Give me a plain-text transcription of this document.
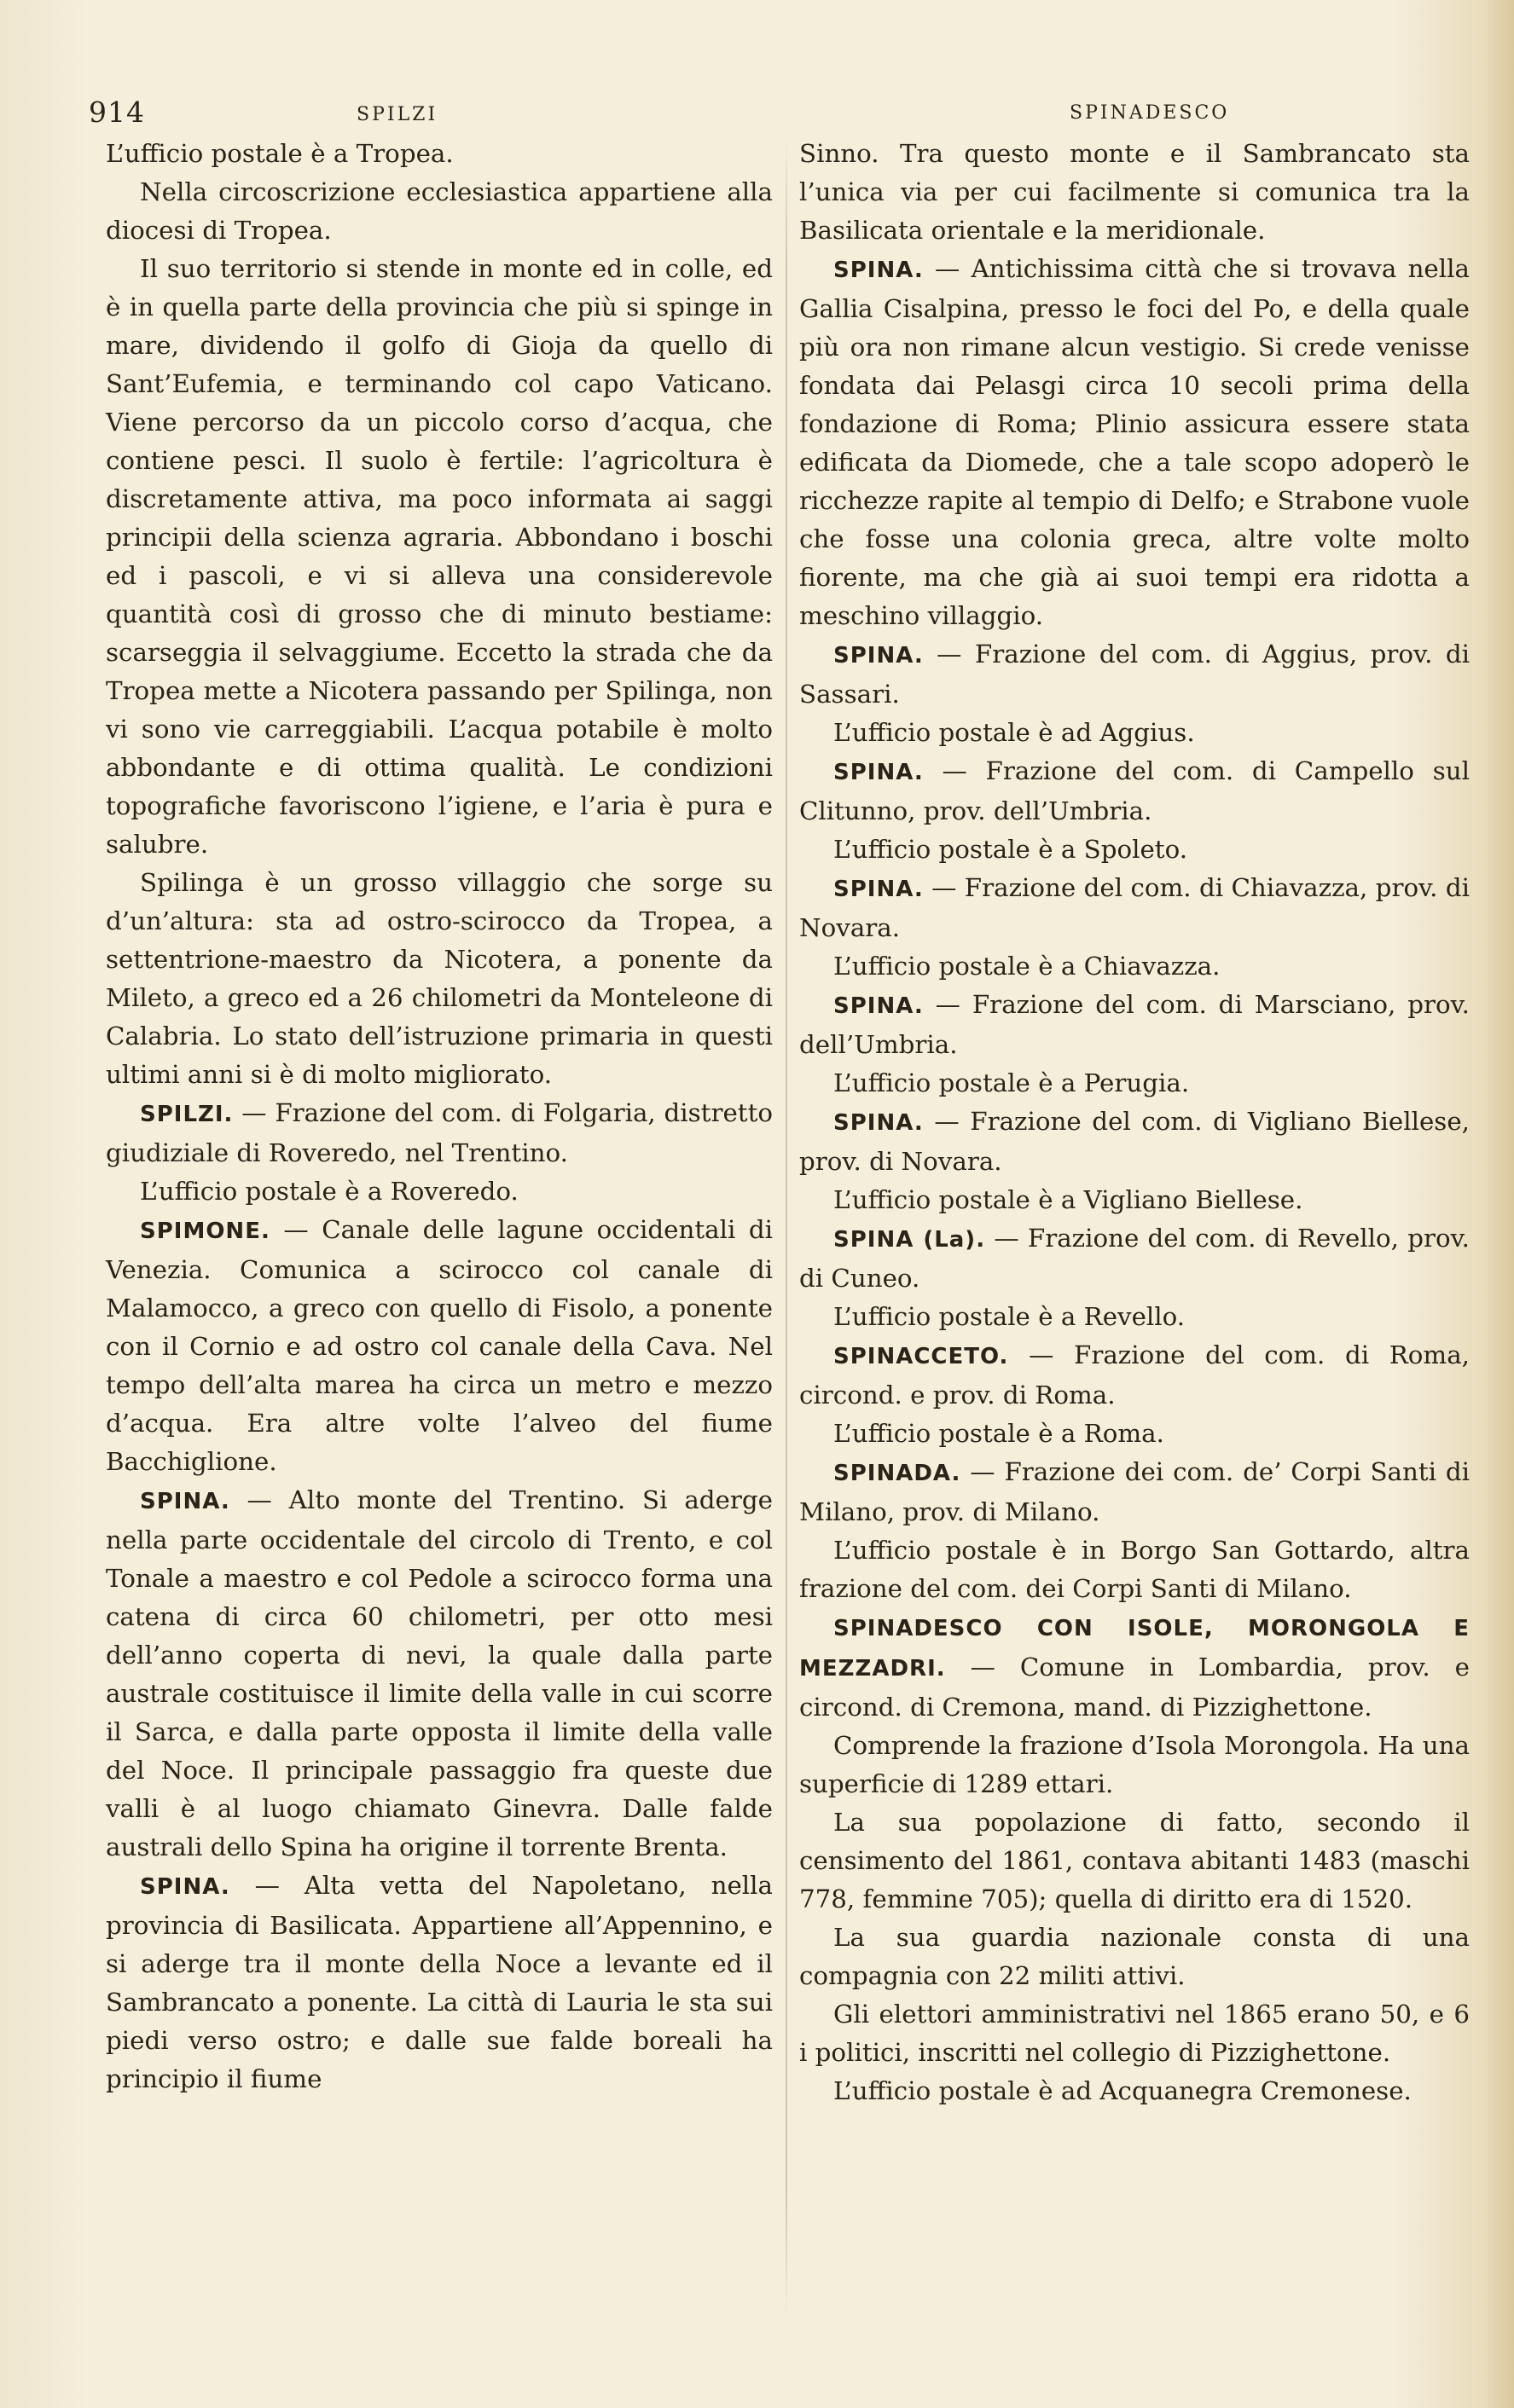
914	SPILZI	SPINADESCO

L’ufficio postale è a Tropea.

Nella circoscrizione ecclesiastica appartiene alla diocesi di Tropea.

Il suo territorio si stende in monte ed in colle, ed è in quella parte della provincia che più si spinge in mare, dividendo il golfo di Gioja da quello di Sant’Eufemia, e terminando col capo Vaticano. Viene percorso da un piccolo corso d’acqua, che contiene pesci. Il suolo è fertile: l’agricoltura è discretamente attiva, ma poco informata ai saggi principii della scienza agraria. Abbondano i boschi ed i pascoli, e vi si alleva una considerevole quantità così di grosso che di minuto bestiame: scarseggia il selvaggiume. Eccetto la strada che da Tropea mette a Nicotera passando per Spilinga, non vi sono vie carreggiabili. L’acqua potabile è molto abbondante e di ottima qualità. Le condizioni topografiche favoriscono l’igiene, e l’aria è pura e salubre.

Spilinga è un grosso villaggio che sorge su d’un’altura: sta ad ostro-scirocco da Tropea, a settentrione-maestro da Nicotera, a ponente da Mileto, a greco ed a 26 chilometri da Monteleone di Calabria. Lo stato dell’istruzione primaria in questi ultimi anni si è di molto migliorato.

SPILZI. — Frazione del com. di Folgaria, distretto giudiziale di Roveredo, nel Trentino.

L’ufficio postale è a Roveredo.

SPIMONE. — Canale delle lagune occidentali di Venezia. Comunica a scirocco col canale di Malamocco, a greco con quello di Fisolo, a ponente con il Cornio e ad ostro col canale della Cava. Nel tempo dell’alta marea ha circa un metro e mezzo d’acqua. Era altre volte l’alveo del fiume Bacchiglione.

SPINA. — Alto monte del Trentino. Si aderge nella parte occidentale del circolo di Trento, e col Tonale a maestro e col Pedole a scirocco forma una catena di circa 60 chilometri, per otto mesi dell’anno coperta di nevi, la quale dalla parte australe costituisce il limite della valle in cui scorre il Sarca, e dalla parte opposta il limite della valle del Noce. Il principale passaggio fra queste due valli è al luogo chiamato Ginevra. Dalle falde australi dello Spina ha origine il torrente Brenta.

SPINA. — Alta vetta del Napoletano, nella provincia di Basilicata. Appartiene all’Appennino, e si aderge tra il monte della Noce a levante ed il Sambrancato a ponente. La città di Lauria le sta sui piedi verso ostro; e dalle sue falde boreali ha principio il fiume

Sinno. Tra questo monte e il Sambrancato sta l’unica via per cui facilmente si comunica tra la Basilicata orientale e la meridionale.

SPINA. — Antichissima città che si trovava nella Gallia Cisalpina, presso le foci del Po, e della quale più ora non rimane alcun vestigio. Si crede venisse fondata dai Pelasgi circa 10 secoli prima della fondazione di Roma; Plinio assicura essere stata edificata da Diomede, che a tale scopo adoperò le ricchezze rapite al tempio di Delfo; e Strabone vuole che fosse una colonia greca, altre volte molto fiorente, ma che già ai suoi tempi era ridotta a meschino villaggio.

SPINA. — Frazione del com. di Aggius, prov. di Sassari.

L’ufficio postale è ad Aggius.

SPINA. — Frazione del com. di Campello sul Clitunno, prov. dell’Umbria.

L’ufficio postale è a Spoleto.

SPINA. — Frazione del com. di Chiavazza, prov. di Novara.

L’ufficio postale è a Chiavazza.

SPINA. — Frazione del com. di Marsciano, prov. dell’Umbria.

L’ufficio postale è a Perugia.

SPINA. — Frazione del com. di Vigliano Biellese, prov. di Novara.

L’ufficio postale è a Vigliano Biellese.

SPINA (La). — Frazione del com. di Revello, prov. di Cuneo.

L’ufficio postale è a Revello.

SPINACCETO. — Frazione del com. di Roma, circond. e prov. di Roma.

L’ufficio postale è a Roma.

SPINADA. — Frazione dei com. de’ Corpi Santi di Milano, prov. di Milano.

L’ufficio postale è in Borgo San Gottardo, altra frazione del com. dei Corpi Santi di Milano.

SPINADESCO CON ISOLE, MORONGOLA E MEZZADRI. — Comune in Lombardia, prov. e circond. di Cremona, mand. di Pizzighettone.

Comprende la frazione d’Isola Morongola. Ha una superficie di 1289 ettari.

La sua popolazione di fatto, secondo il censimento del 1861, contava abitanti 1483 (maschi 778, femmine 705); quella di diritto era di 1520.

La sua guardia nazionale consta di una compagnia con 22 militi attivi.

Gli elettori amministrativi nel 1865 erano 50, e 6 i politici, inscritti nel collegio di Pizzighettone.

L’ufficio postale è ad Acquanegra Cremonese.
